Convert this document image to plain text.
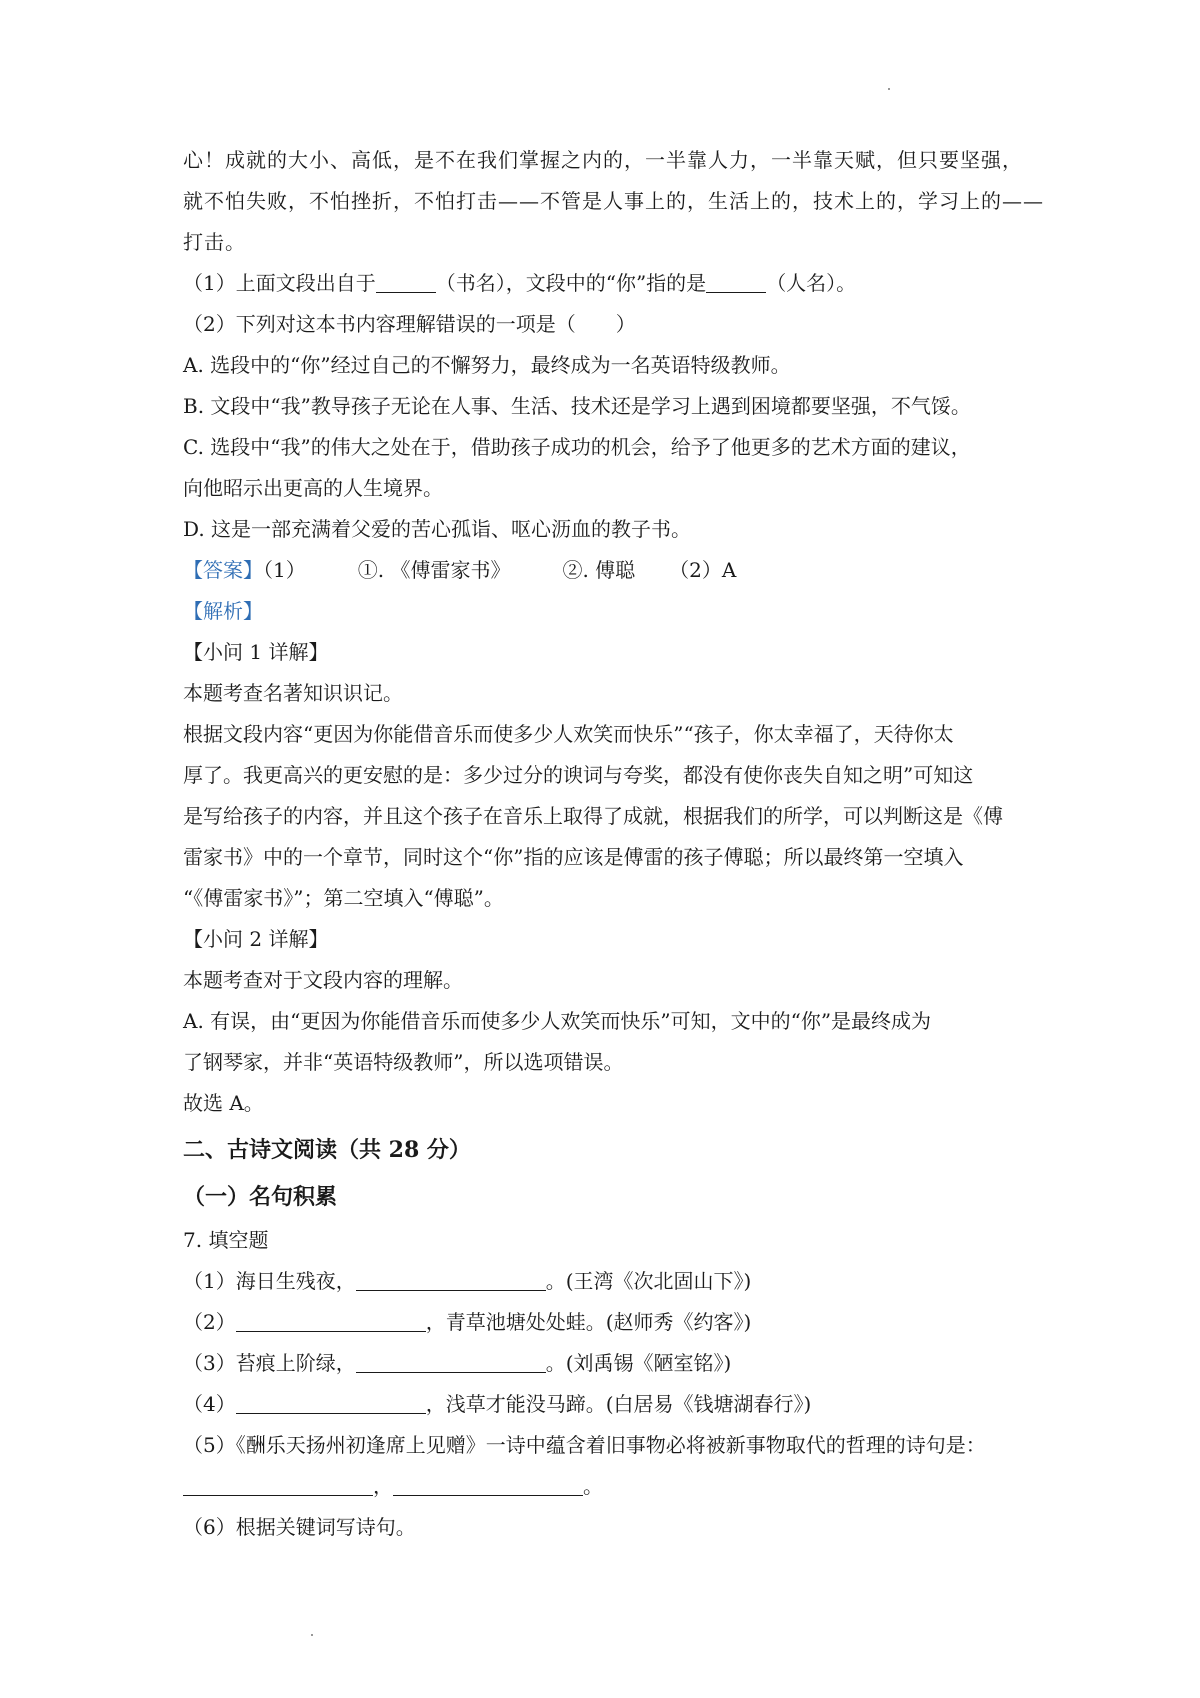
心！成就的大小、高低，是不在我们掌握之内的，一半靠人力，一半靠天赋，但只要坚强，
就不怕失败，不怕挫折，不怕打击——不管是人事上的，生活上的，技术上的，学习上的——
打击。
（1）上面文段出自于	（书名），文段中的“你”指的是	（人名）。
（2）下列对这本书内容理解错误的一项是（　　）
A. 选段中的“你”经过自己的不懈努力，最终成为一名英语特级教师。
B. 文段中“我”教导孩子无论在人事、生活、技术还是学习上遇到困境都要坚强，不气馁。
C. 选段中“我”的伟大之处在于，借助孩子成功的机会，给予了他更多的艺术方面的建议，
向他昭示出更高的人生境界。
D. 这是一部充满着父爱的苦心孤诣、呕心沥血的教子书。
【答案】（1）	①. 《傅雷家书》	②. 傅聪 （2）A
【解析】
【小问 1 详解】
本题考查名著知识识记。
根据文段内容“更因为你能借音乐而使多少人欢笑而快乐”“孩子，你太幸福了，天待你太
厚了。我更高兴的更安慰的是：多少过分的谀词与夸奖，都没有使你丧失自知之明”可知这
是写给孩子的内容，并且这个孩子在音乐上取得了成就，根据我们的所学，可以判断这是《傅
雷家书》中的一个章节，同时这个“你”指的应该是傅雷的孩子傅聪；所以最终第一空填入
“《傅雷家书》”；第二空填入“傅聪”。
【小问 2 详解】
本题考查对于文段内容的理解。
A. 有误，由“更因为你能借音乐而使多少人欢笑而快乐”可知，文中的“你”是最终成为
了钢琴家，并非“英语特级教师”，所以选项错误。
故选 A。
二、古诗文阅读（共 28 分）
（一）名句积累
7. 填空题
（1）海日生残夜，	。(王湾《次北固山下》)
（2）	，青草池塘处处蛙。(赵师秀《约客》)
（3）苔痕上阶绿，	。(刘禹锡《陋室铭》)
（4）	，浅草才能没马蹄。(白居易《钱塘湖春行》)
（5）《酬乐天扬州初逢席上见赠》一诗中蕴含着旧事物必将被新事物取代的哲理的诗句是：
，	。
（6）根据关键词写诗句。
